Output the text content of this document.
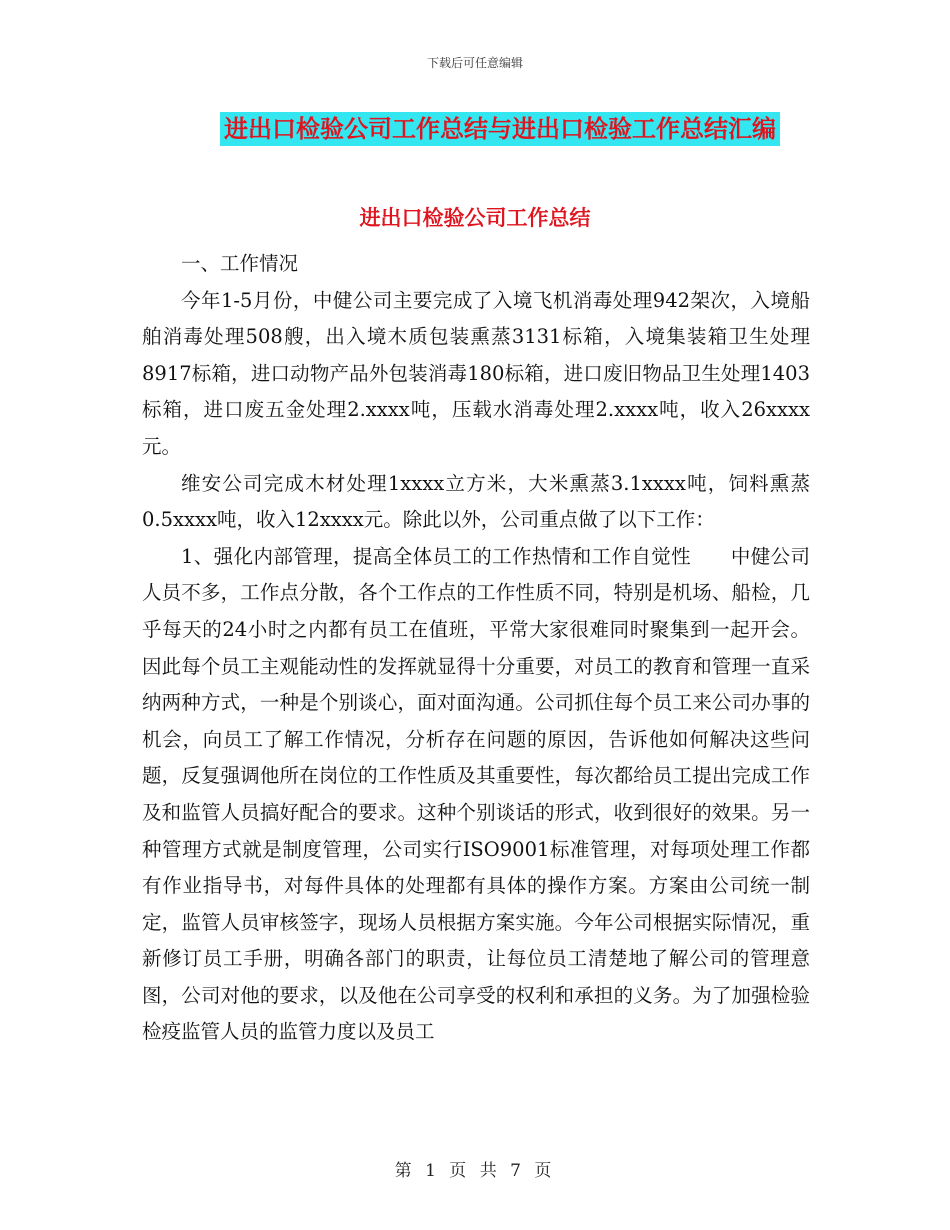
下载后可任意编辑
进出口检验公司工作总结与进出口检验工作总结汇编
进出口检验公司工作总结

一、工作情况

今年1-5月份，中健公司主要完成了入境飞机消毒处理942架次，入境船舶消毒处理508艘，出入境木质包装熏蒸3131标箱，入境集装箱卫生处理8917标箱，进口动物产品外包装消毒180标箱，进口废旧物品卫生处理1403标箱，进口废五金处理2.xxxx吨，压载水消毒处理2.xxxx吨，收入26xxxx元。

维安公司完成木材处理1xxxx立方米，大米熏蒸3.1xxxx吨，饲料熏蒸0.5xxxx吨，收入12xxxx元。除此以外，公司重点做了以下工作：

1、强化内部管理，提高全体员工的工作热情和工作自觉性　　中健公司人员不多，工作点分散，各个工作点的工作性质不同，特别是机场、船检，几乎每天的24小时之内都有员工在值班，平常大家很难同时聚集到一起开会。因此每个员工主观能动性的发挥就显得十分重要，对员工的教育和管理一直采纳两种方式，一种是个别谈心，面对面沟通。公司抓住每个员工来公司办事的机会，向员工了解工作情况，分析存在问题的原因，告诉他如何解决这些问题，反复强调他所在岗位的工作性质及其重要性，每次都给员工提出完成工作及和监管人员搞好配合的要求。这种个别谈话的形式，收到很好的效果。另一种管理方式就是制度管理，公司实行ISO9001标准管理，对每项处理工作都有作业指导书，对每件具体的处理都有具体的操作方案。方案由公司统一制定，监管人员审核签字，现场人员根据方案实施。今年公司根据实际情况，重新修订员工手册，明确各部门的职责，让每位员工清楚地了解公司的管理意图，公司对他的要求，以及他在公司享受的权利和承担的义务。为了加强检验检疫监管人员的监管力度以及员工

第 1 页 共 7 页
